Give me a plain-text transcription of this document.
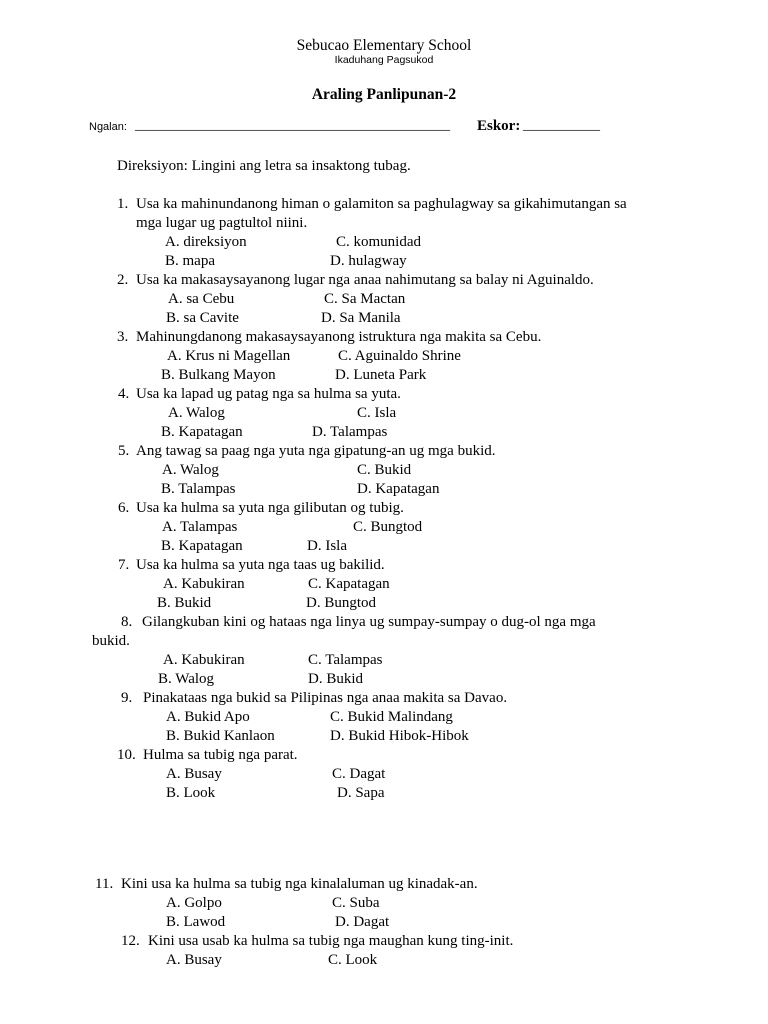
Sebucao Elementary School
Ikaduhang Pagsukod
Araling Panlipunan-2
Ngalan: _____________________________________________ Eskor: ___________
Direksiyon: Lingini ang letra sa insaktong tubag.
1. Usa ka mahinundanong himan o galamiton sa paghulagway sa gikahimutangan sa
mga lugar ug pagtultol niini.
A. direksiyon
B. mapa
C. komunidad
D. hulagway
2. Usa ka makasaysayanong lugar nga anaa nahimutang sa balay ni Aguinaldo.
A. sa Cebu
B. sa Cavite
C. Sa Mactan
D. Sa Manila
3. Mahinungdanong makasaysayanong istruktura nga makita sa Cebu.
A. Krus ni Magellan
B. Bulkang Mayon
C. Aguinaldo Shrine
D. Luneta Park
4. Usa ka lapad ug patag nga sa hulma sa yuta.
A. Walog
B. Kapatagan
C. Isla
D. Talampas
5. Ang tawag sa paag nga yuta nga gipatung-an ug mga bukid.
A. Walog
B. Talampas
C. Bukid
D. Kapatagan
6. Usa ka hulma sa yuta nga gilibutan og tubig.
A. Talampas
B. Kapatagan
C. Bungtod
D. Isla
7. Usa ka hulma sa yuta nga taas ug bakilid.
A. Kabukiran
B. Bukid
C. Kapatagan
D. Bungtod
8. Gilangkuban kini og hataas nga linya ug sumpay-sumpay o dug-ol nga mga
bukid.
A. Kabukiran
B. Walog
C. Talampas
D. Bukid
9. Pinakataas nga bukid sa Pilipinas nga anaa makita sa Davao.
A. Bukid Apo
B. Bukid Kanlaon
C. Bukid Malindang
D. Bukid Hibok-Hibok
10. Hulma sa tubig nga parat.
A. Busay
B. Look
C. Dagat
D. Sapa
11. Kini usa ka hulma sa tubig nga kinalaluman ug kinadak-an.
A. Golpo
B. Lawod
C. Suba
D. Dagat
12. Kini usa usab ka hulma sa tubig nga maughan kung ting-init.
A. Busay	C. Look
